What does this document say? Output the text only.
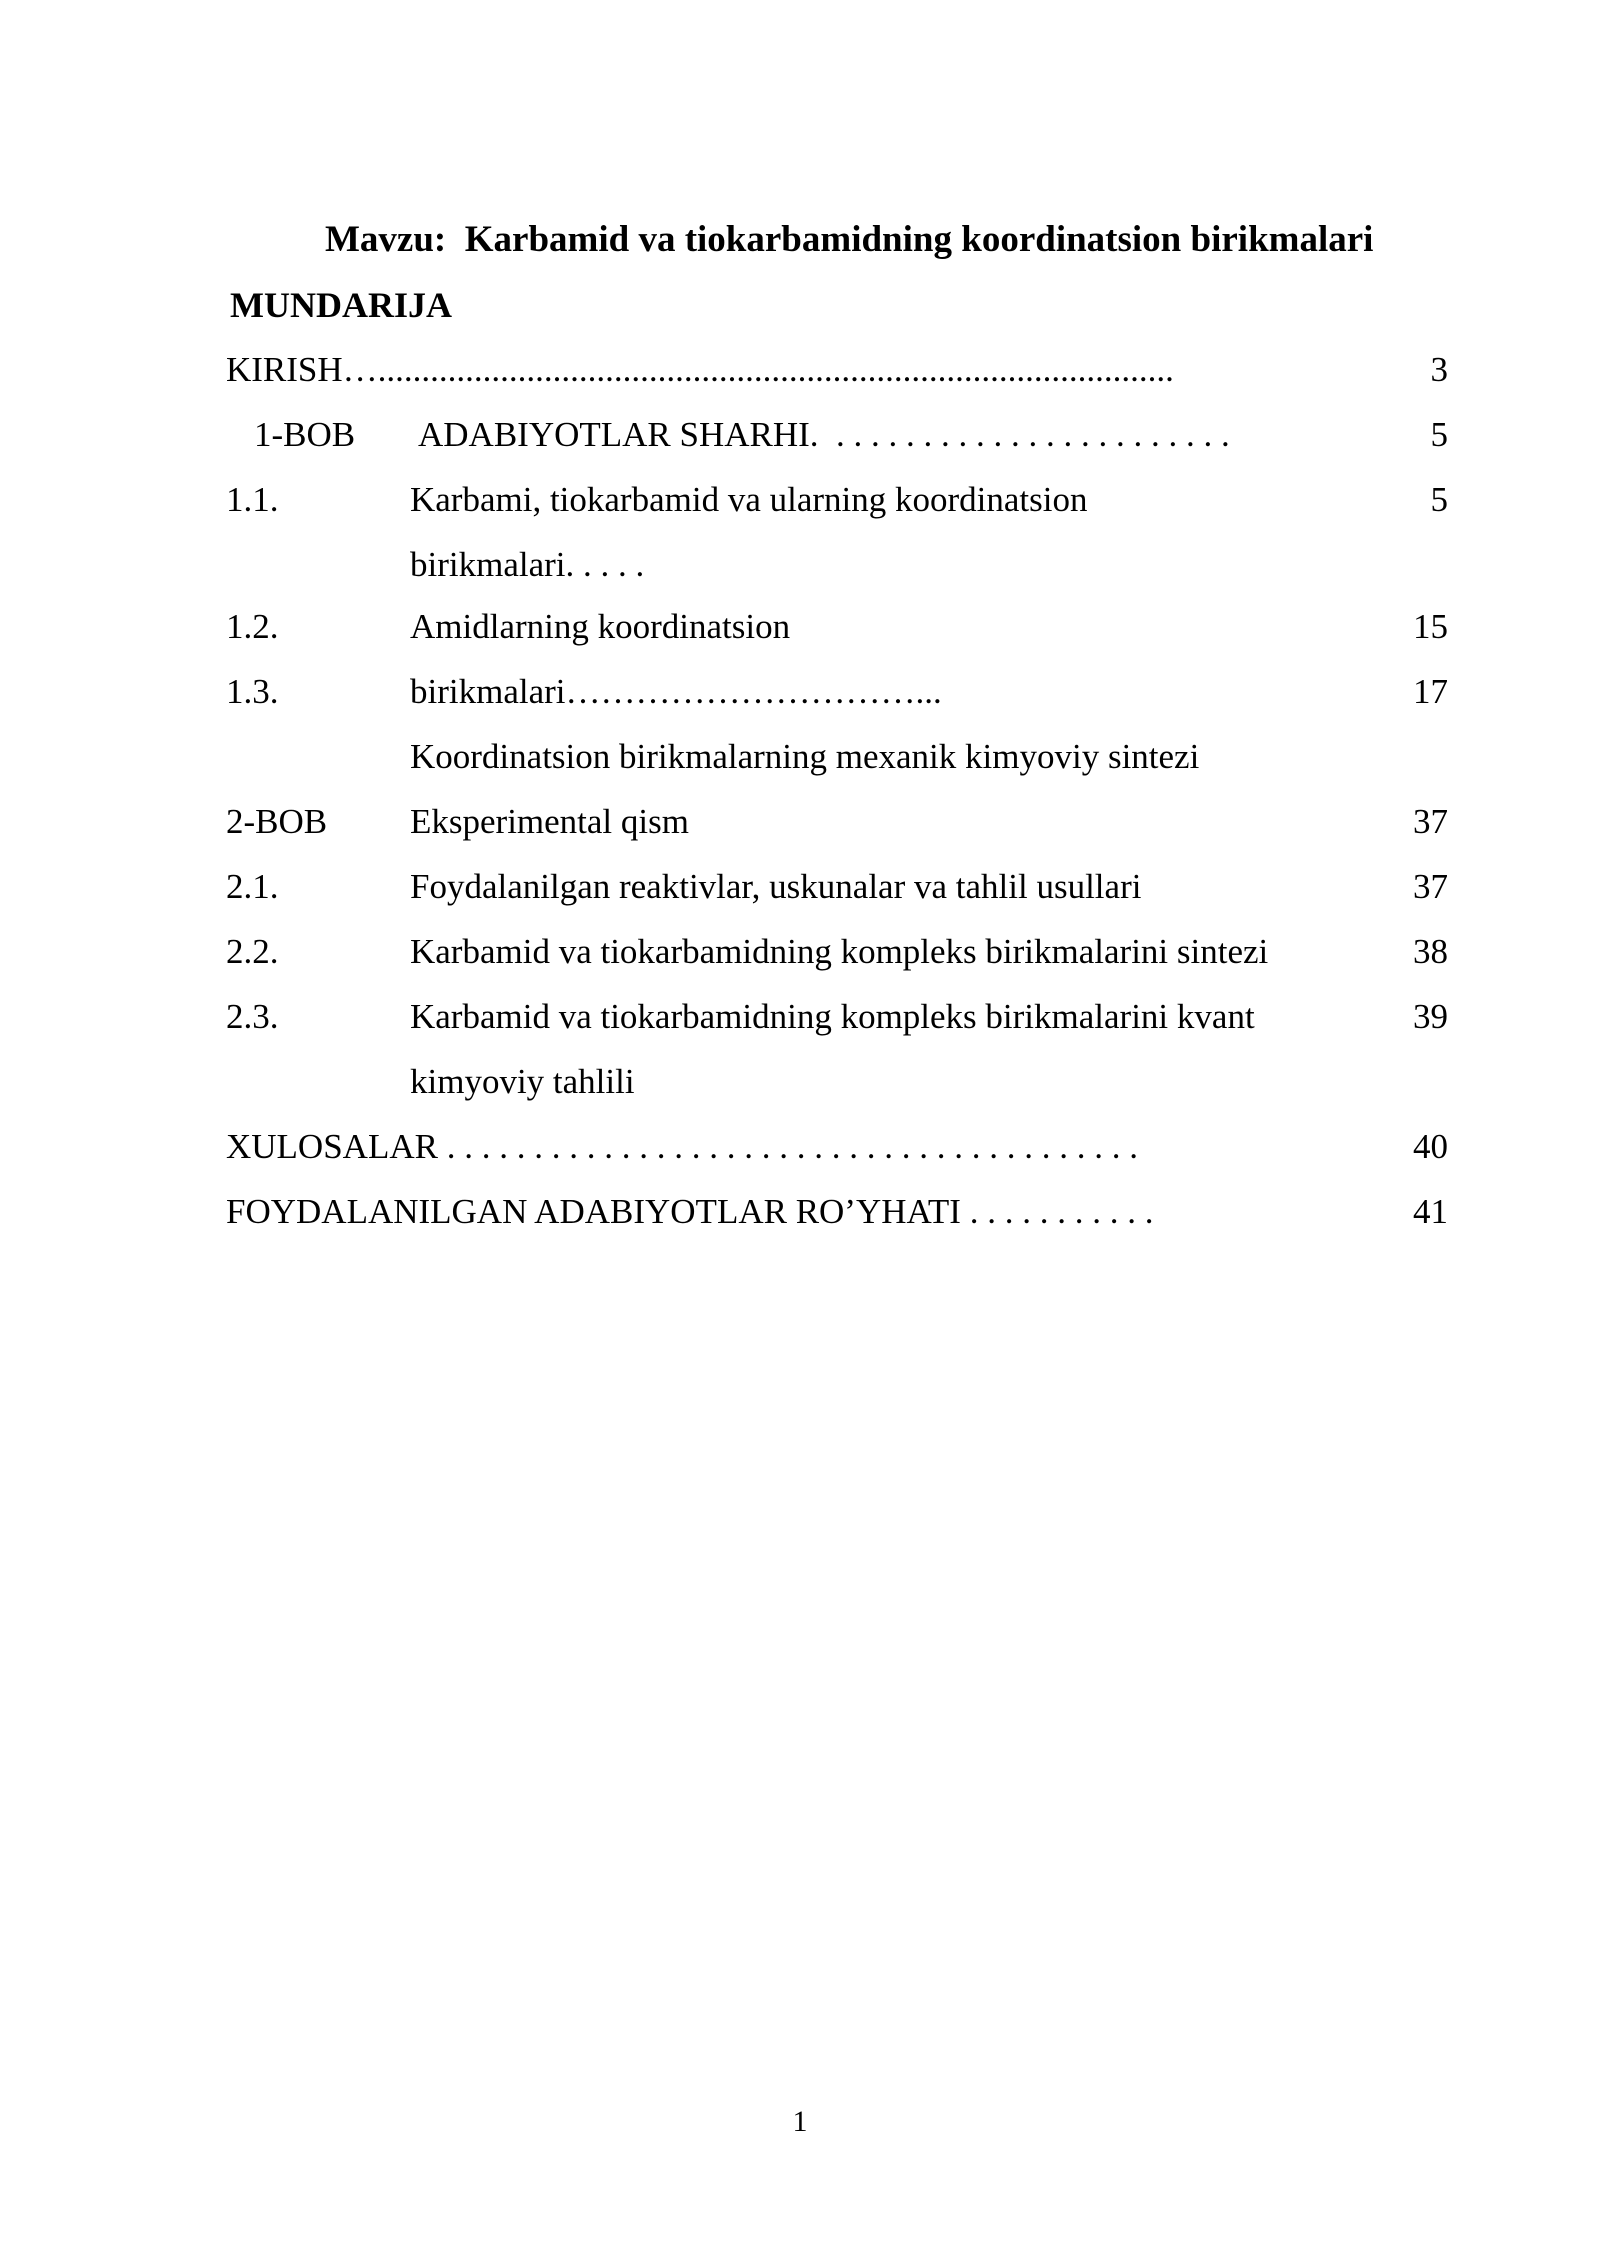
Mavzu:  Karbamid va tiokarbamidning koordinatsion birikmalari
MUNDARIJA
KIRISH…...........................................................................................	3
1-BOB ADABIYOTLAR SHARHI.  . . . . . . . . . . . . . . . . . . . . . . .	5
1.1.	Karbami, tiokarbamid va ularning koordinatsion	5
birikmalari. . . . .
1.2.	Amidlarning koordinatsion	15
1.3.	birikmalari…………………………...	17
Koordinatsion birikmalarning mexanik kimyoviy sintezi
2-BOB Eksperimental qism	37
2.1.	Foydalanilgan reaktivlar, uskunalar va tahlil usullari	37
2.2.	Karbamid va tiokarbamidning kompleks birikmalarini sintezi	38
2.3.	Karbamid va tiokarbamidning kompleks birikmalarini kvant	39
kimyoviy tahlili
XULOSALAR . . . . . . . . . . . . . . . . . . . . . . . . . . . . . . . . . . . . . . . .	40
FOYDALANILGAN ADABIYOTLAR RO’YHATI . . . . . . . . . . .	41
1
